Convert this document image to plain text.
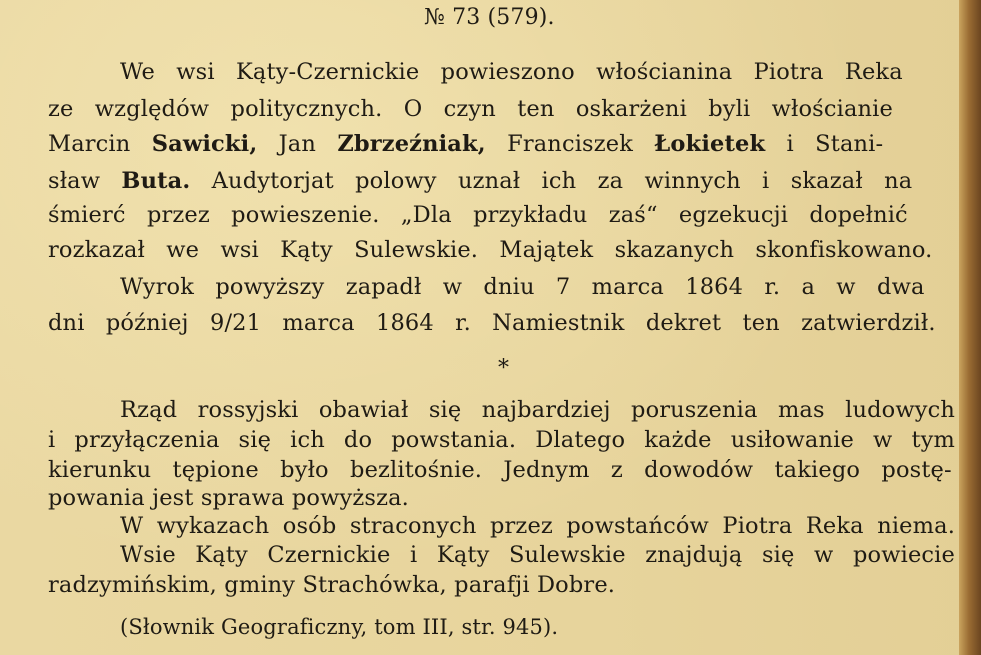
№ 73 (579).
We wsi Kąty-Czernickie powieszono włościanina Piotra Reka
ze względów politycznych. O czyn ten oskarżeni byli włościanie
Marcin Sawicki, Jan Zbrzeźniak, Franciszek Łokietek i Stani-
sław Buta. Audytorjat polowy uznał ich za winnych i skazał na
śmierć przez powieszenie. „Dla przykładu zaś“ egzekucji dopełnić
rozkazał we wsi Kąty Sulewskie. Majątek skazanych skonfiskowano.
Wyrok powyższy zapadł w dniu 7 marca 1864 r. a w dwa
dni później 9/21 marca 1864 r. Namiestnik dekret ten zatwierdził.
*
Rząd rossyjski obawiał się najbardziej poruszenia mas ludowych
i przyłączenia się ich do powstania. Dlatego każde usiłowanie w tym
kierunku tępione było bezlitośnie. Jednym z dowodów takiego postę-
powania jest sprawa powyższa.
W wykazach osób straconych przez powstańców Piotra Reka niema.
Wsie Kąty Czernickie i Kąty Sulewskie znajdują się w powiecie
radzymińskim, gminy Strachówka, parafji Dobre.
(Słownik Geograficzny, tom III, str. 945).
